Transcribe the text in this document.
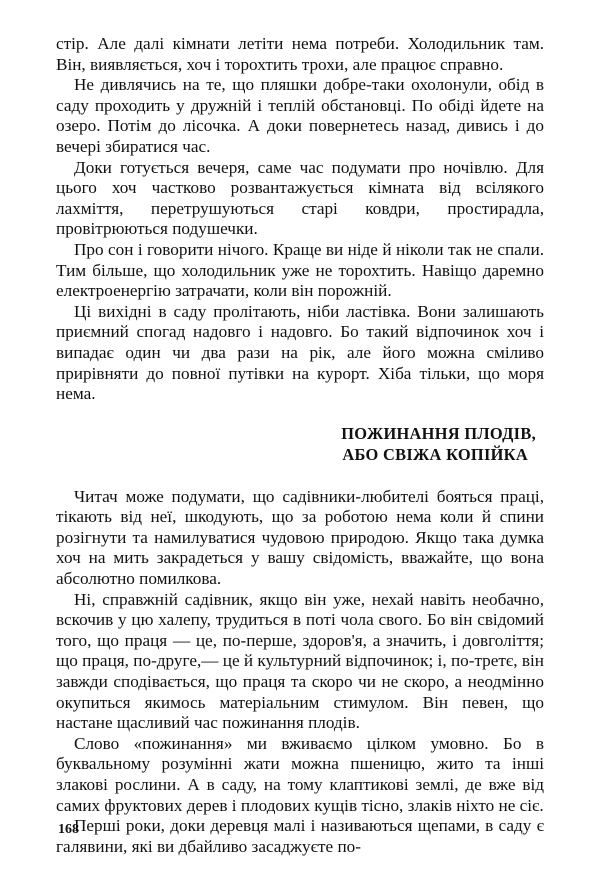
стір. Але далі кімнати летіти нема потреби. Холодильник там. Він, виявляється, хоч і торохтить трохи, але працює справно.

Не дивлячись на те, що пляшки добре-таки охолонули, обід в саду проходить у дружній і теплій обстановці. По обіді йдете на озеро. Потім до лісочка. А доки повернетесь назад, дивись і до вечері збиратися час.

Доки готується вечеря, саме час подумати про ночівлю. Для цього хоч частково розвантажується кімната від всілякого лахміття, перетрушуються старі ковдри, простирадла, провітрюються подушечки.

Про сон і говорити нічого. Краще ви ніде й ніколи так не спали. Тим більше, що холодильник уже не торохтить. Навіщо даремно електроенергію затрачати, коли він порожній.

Ці вихідні в саду пролітають, ніби ластівка. Вони залишають приємний спогад надовго і надовго. Бо такий відпочинок хоч і випадає один чи два рази на рік, але його можна сміливо прирівняти до повної путівки на курорт. Хіба тільки, що моря нема.

ПОЖИНАННЯ ПЛОДІВ,
АБО СВІЖА КОПІЙКА

Читач може подумати, що садівники-любителі бояться праці, тікають від неї, шкодують, що за роботою нема коли й спини розігнути та намилуватися чудовою природою. Якщо така думка хоч на мить закрадеться у вашу свідомість, вважайте, що вона абсолютно помилкова.

Ні, справжній садівник, якщо він уже, нехай навіть необачно, вскочив у цю халепу, трудиться в поті чола свого. Бо він свідомий того, що праця — це, по-перше, здоров'я, а значить, і довголіття; що праця, по-друге,— це й культурний відпочинок; і, по-третє, він завжди сподівається, що праця та скоро чи не скоро, а неодмінно окупиться якимось матеріальним стимулом. Він певен, що настане щасливий час пожинання плодів.

Слово «пожинання» ми вживаємо цілком умовно. Бо в буквальному розумінні жати можна пшеницю, жито та інші злакові рослини. А в саду, на тому клаптикові землі, де вже від самих фруктових дерев і плодових кущів тісно, злаків ніхто не сіє.

Перші роки, доки деревця малі і називаються щепами, в саду є галявини, які ви дбайливо засаджуєте по-

168
